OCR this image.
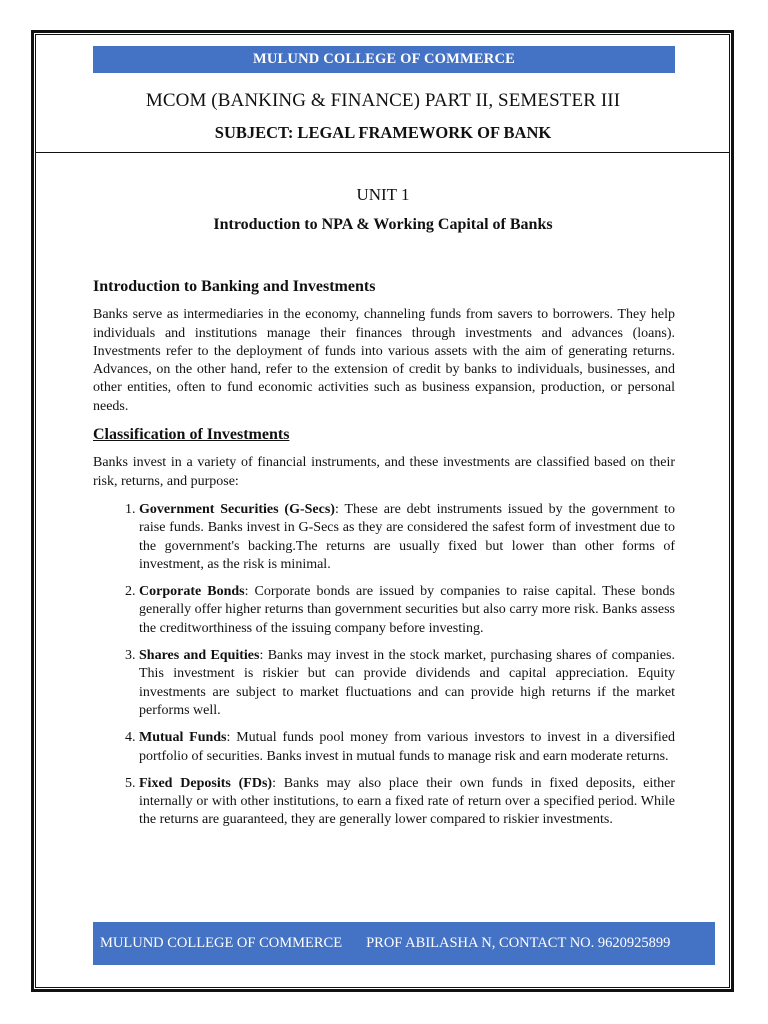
MULUND COLLEGE OF COMMERCE
MCOM (BANKING & FINANCE) PART II, SEMESTER III
SUBJECT: LEGAL FRAMEWORK OF BANK
UNIT 1
Introduction to NPA & Working Capital of Banks
Introduction to Banking and Investments

Banks serve as intermediaries in the economy, channeling funds from savers to borrowers. They help individuals and institutions manage their finances through investments and advances (loans). Investments refer to the deployment of funds into various assets with the aim of generating returns. Advances, on the other hand, refer to the extension of credit by banks to individuals, businesses, and other entities, often to fund economic activities such as business expansion, production, or personal needs.

Classification of Investments

Banks invest in a variety of financial instruments, and these investments are classified based on their risk, returns, and purpose:

1. Government Securities (G-Secs): These are debt instruments issued by the government to raise funds. Banks invest in G-Secs as they are considered the safest form of investment due to the government's backing.The returns are usually fixed but lower than other forms of investment, as the risk is minimal.
2. Corporate Bonds: Corporate bonds are issued by companies to raise capital. These bonds generally offer higher returns than government securities but also carry more risk. Banks assess the creditworthiness of the issuing company before investing.
3. Shares and Equities: Banks may invest in the stock market, purchasing shares of companies. This investment is riskier but can provide dividends and capital appreciation. Equity investments are subject to market fluctuations and can provide high returns if the market performs well.
4. Mutual Funds: Mutual funds pool money from various investors to invest in a diversified portfolio of securities. Banks invest in mutual funds to manage risk and earn moderate returns.
5. Fixed Deposits (FDs): Banks may also place their own funds in fixed deposits, either internally or with other institutions, to earn a fixed rate of return over a specified period. While the returns are guaranteed, they are generally lower compared to riskier investments.
MULUND COLLEGE OF COMMERCE PROF ABILASHA N, CONTACT NO. 9620925899
